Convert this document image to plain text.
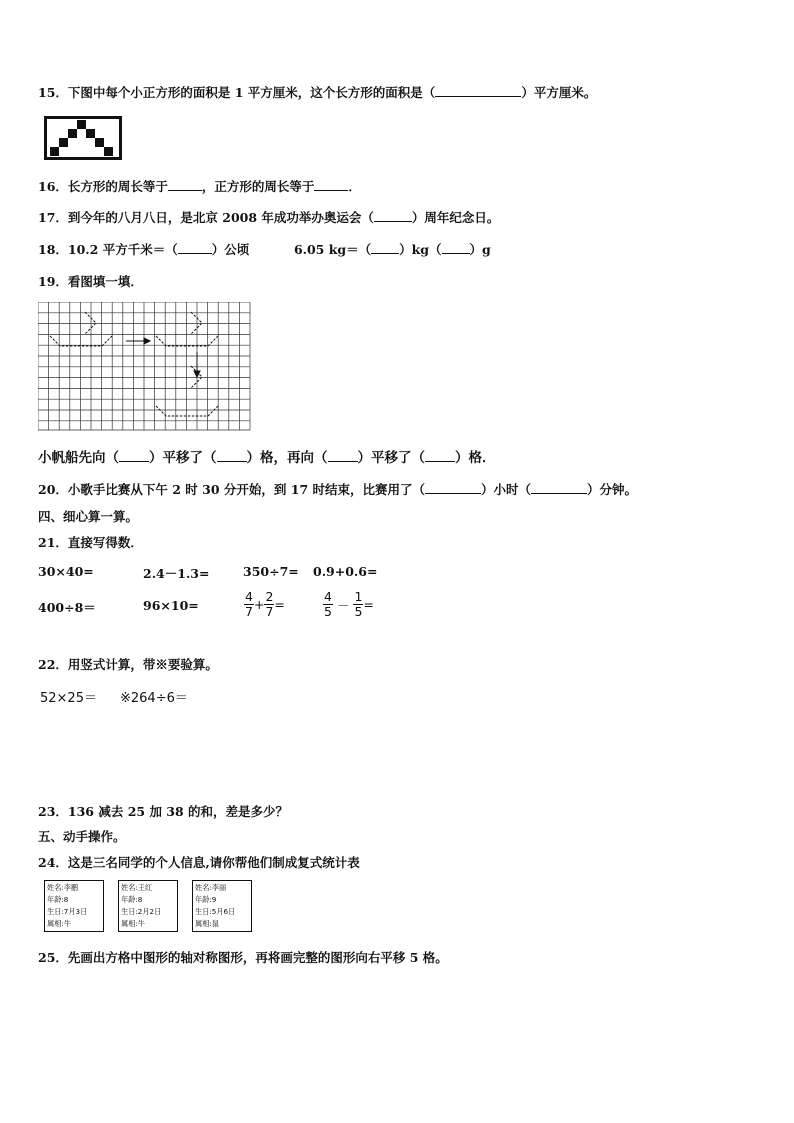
15．下图中每个小正方形的面积是 1 平方厘米，这个长方形的面积是（	）平方厘米。
16．长方形的周长等于	，正方形的周长等于	．
17．到今年的八月八日，是北京 2008 年成功举办奥运会（	）周年纪念日。
18．10.2 平方千米＝（	）公顷	6.05 kg＝（ ）kg（ ）g
19．看图填一填．
小帆船先向（ ）平移了（ ）格，再向（ ）平移了（ ）格．
20．小歌手比赛从下午 2 时 30 分开始，到 17 时结束，比赛用了（	）小时（	）分钟。
四、细心算一算。
21．直接写得数．
30×40=	2.4－1.3=	350÷7= 0.9+0.6=
400÷8＝	96×10=	$\frac{4}{7} + \frac{2}{7}$ =	$\frac{4}{5} - \frac{1}{5}$ =
22．用竖式计算，带※要验算。
52×25＝ ※264÷6＝
23．136 减去 25 加 38 的和，差是多少？
五、动手操作。
24．这是三名同学的个人信息,请你帮他们制成复式统计表
姓名:李鹏
年龄:8
生日:7月3日
属相:牛
姓名:王红
年龄:8
生日:2月2日
属相:牛
姓名:李丽
年龄:9
生日:5月6日
属相:鼠
25．先画出方格中图形的轴对称图形，再将画完整的图形向右平移 5 格。
